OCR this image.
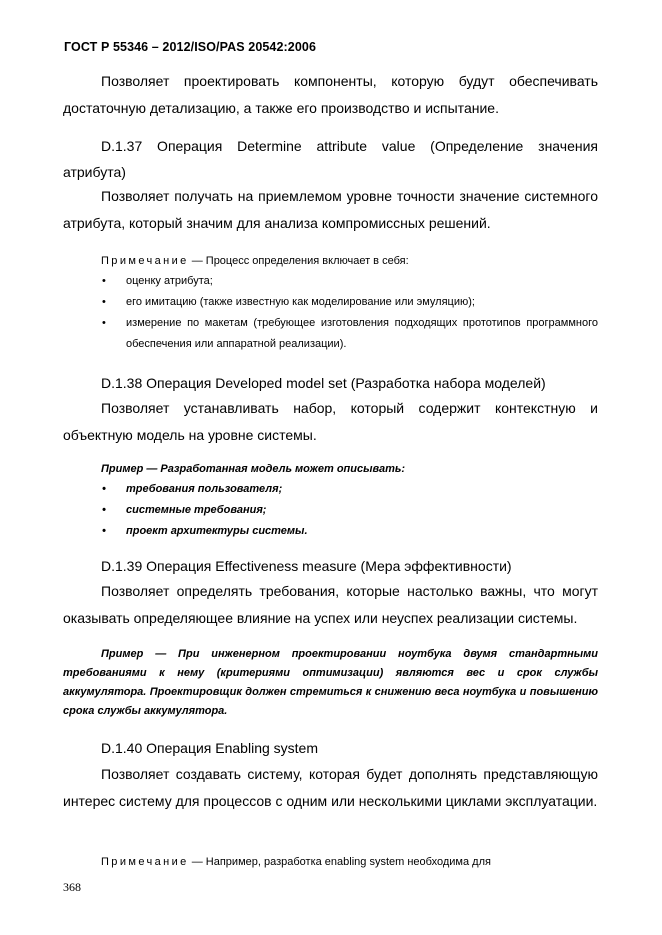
ГОСТ Р 55346 – 2012/ISO/PAS 20542:2006

Позволяет проектировать компоненты, которую будут обеспечивать достаточную детализацию, а также его производство и испытание.

D.1.37 Операция Determine attribute value (Определение значения атрибута)

Позволяет получать на приемлемом уровне точности значение системного атрибута, который значим для анализа компромиссных решений.

Примечание — Процесс определения включает в себя:

• оценку атрибута;
• его имитацию (также известную как моделирование или эмуляцию);
• измерение по макетам (требующее изготовления подходящих прототипов программного обеспечения или аппаратной реализации).

D.1.38 Операция Developed model set (Разработка набора моделей)

Позволяет устанавливать набор, который содержит контекстную и объектную модель на уровне системы.

Пример — Разработанная модель может описывать:

• требования пользователя;
• системные требования;
• проект архитектуры системы.

D.1.39 Операция Effectiveness measure (Мера эффективности)

Позволяет определять требования, которые настолько важны, что могут оказывать определяющее влияние на успех или неуспех реализации системы.

Пример — При инженерном проектировании ноутбука двумя стандартными требованиями к нему (критериями оптимизации) являются вес и срок службы аккумулятора. Проектировщик должен стремиться к снижению веса ноутбука и повышению срока службы аккумулятора.

D.1.40 Операция Enabling system

Позволяет создавать систему, которая будет дополнять представляющую интерес систему для процессов с одним или несколькими циклами эксплуатации.

Примечание — Например, разработка enabling system необходима для

368
